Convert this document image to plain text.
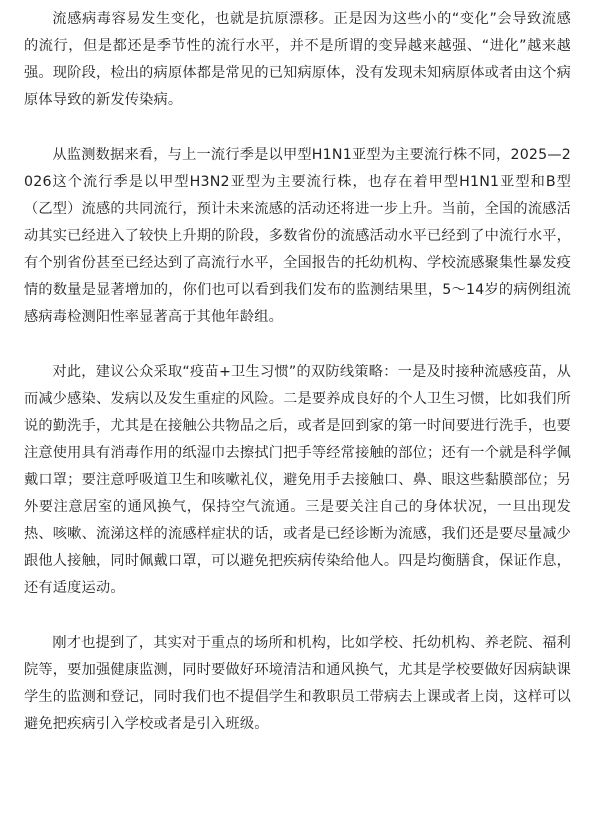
流感病毒容易发生变化，也就是抗原漂移。正是因为这些小的“变化”会导致流感的流行，但是都还是季节性的流行水平，并不是所谓的变异越来越强、“进化”越来越强。现阶段，检出的病原体都是常见的已知病原体，没有发现未知病原体或者由这个病原体导致的新发传染病。

从监测数据来看，与上一流行季是以甲型H1N1亚型为主要流行株不同，2025—2026这个流行季是以甲型H3N2亚型为主要流行株，也存在着甲型H1N1亚型和B型（乙型）流感的共同流行，预计未来流感的活动还将进一步上升。当前，全国的流感活动其实已经进入了较快上升期的阶段，多数省份的流感活动水平已经到了中流行水平，有个别省份甚至已经达到了高流行水平，全国报告的托幼机构、学校流感聚集性暴发疫情的数量是显著增加的，你们也可以看到我们发布的监测结果里，5～14岁的病例组流感病毒检测阳性率显著高于其他年龄组。

对此，建议公众采取“疫苗+卫生习惯”的双防线策略：一是及时接种流感疫苗，从而减少感染、发病以及发生重症的风险。二是要养成良好的个人卫生习惯，比如我们所说的勤洗手，尤其是在接触公共物品之后，或者是回到家的第一时间要进行洗手，也要注意使用具有消毒作用的纸湿巾去擦拭门把手等经常接触的部位；还有一个就是科学佩戴口罩；要注意呼吸道卫生和咳嗽礼仪，避免用手去接触口、鼻、眼这些黏膜部位；另外要注意居室的通风换气，保持空气流通。三是要关注自己的身体状况，一旦出现发热、咳嗽、流涕这样的流感样症状的话，或者是已经诊断为流感，我们还是要尽量减少跟他人接触，同时佩戴口罩，可以避免把疾病传染给他人。四是均衡膳食，保证作息，还有适度运动。

刚才也提到了，其实对于重点的场所和机构，比如学校、托幼机构、养老院、福利院等，要加强健康监测，同时要做好环境清洁和通风换气，尤其是学校要做好因病缺课学生的监测和登记，同时我们也不提倡学生和教职员工带病去上课或者上岗，这样可以避免把疾病引入学校或者是引入班级。
